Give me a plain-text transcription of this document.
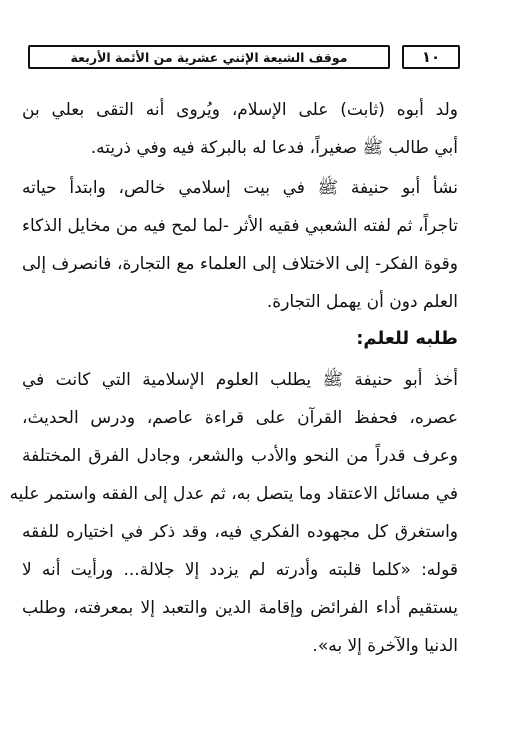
موقف الشيعة الإثني عشرية من الأئمة الأربعة	١٠
ولد أبوه (ثابت) على الإسلام، ويُروى أنه التقى بعلي بن
أبي طالب ﷺ صغيراً، فدعا له بالبركة فيه وفي ذريته.
نشأ أبو حنيفة ﷺ في بيت إسلامي خالص، وابتدأ حياته
تاجراً، ثم لفته الشعبي فقيه الأثر -لما لمح فيه من مخايل الذكاء
وقوة الفكر- إلى الاختلاف إلى العلماء مع التجارة، فانصرف إلى
العلم دون أن يهمل التجارة.
طلبه للعلم:
أخذ أبو حنيفة ﷺ يطلب العلوم الإسلامية التي كانت في
عصره، فحفظ القرآن على قراءة عاصم، ودرس الحديث،
وعرف قدراً من النحو والأدب والشعر، وجادل الفرق المختلفة
في مسائل الاعتقاد وما يتصل به، ثم عدل إلى الفقه واستمر عليه
واستغرق كل مجهوده الفكري فيه، وقد ذكر في اختياره للفقه
قوله: «كلما قلبته وأدرته لم يزدد إلا جلالة... ورأيت أنه لا
يستقيم أداء الفرائض وإقامة الدين والتعبد إلا بمعرفته، وطلب
الدنيا والآخرة إلا به».
